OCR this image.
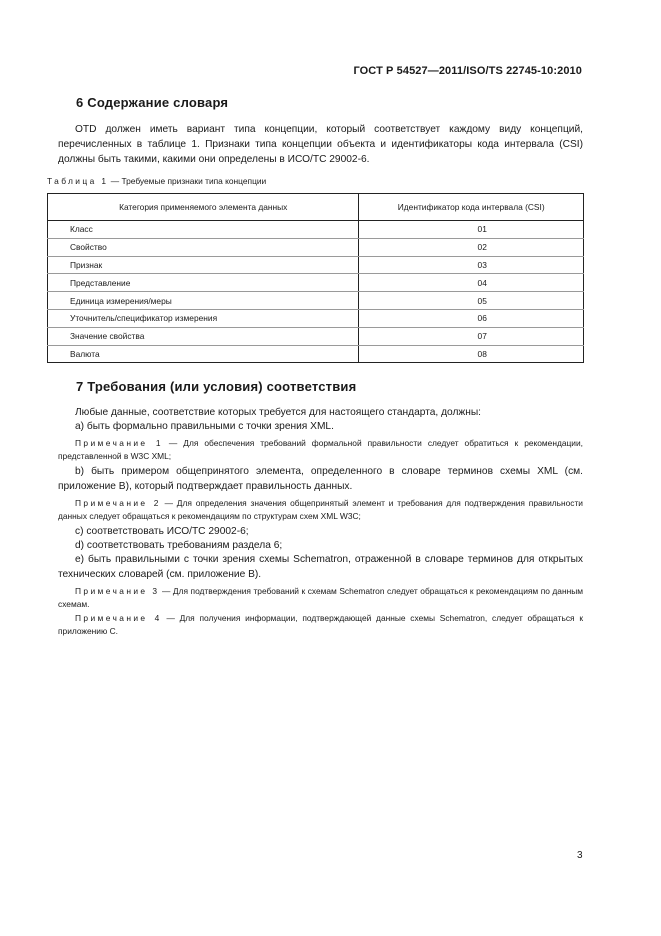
ГОСТ Р 54527—2011/ISO/TS 22745-10:2010
6 Содержание словаря
OTD должен иметь вариант типа концепции, который соответствует каждому виду концепций, перечисленных в таблице 1. Признаки типа концепции объекта и идентификаторы кода интервала (CSI) должны быть такими, какими они определены в ИСО/ТС 29002-6.
Таблица 1 — Требуемые признаки типа концепции
Категория применяемого элемента данных	Идентификатор кода интервала (CSI)
Класс	01
Свойство	02
Признак	03
Представление	04
Единица измерения/меры	05
Уточнитель/спецификатор измерения	06
Значение свойства	07
Валюта	08
7 Требования (или условия) соответствия
Любые данные, соответствие которых требуется для настоящего стандарта, должны:
а) быть формально правильными с точки зрения XML.
Примечание 1 — Для обеспечения требований формальной правильности следует обратиться к рекомендации, представленной в W3C XML;
b) быть примером общепринятого элемента, определенного в словаре терминов схемы XML (см. приложение В), который подтверждает правильность данных.
Примечание 2 — Для определения значения общепринятый элемент и требования для подтверждения правильности данных следует обращаться к рекомендациям по структурам схем XML W3C;
c) соответствовать ИСО/ТС 29002-6;
d) соответствовать требованиям раздела 6;
e) быть правильными с точки зрения схемы Schematron, отраженной в словаре терминов для открытых технических словарей (см. приложение В).
Примечание 3 — Для подтверждения требований к схемам Schematron следует обращаться к рекомендациям по данным схемам.
Примечание 4 — Для получения информации, подтверждающей данные схемы Schematron, следует обращаться к приложению С.
3
